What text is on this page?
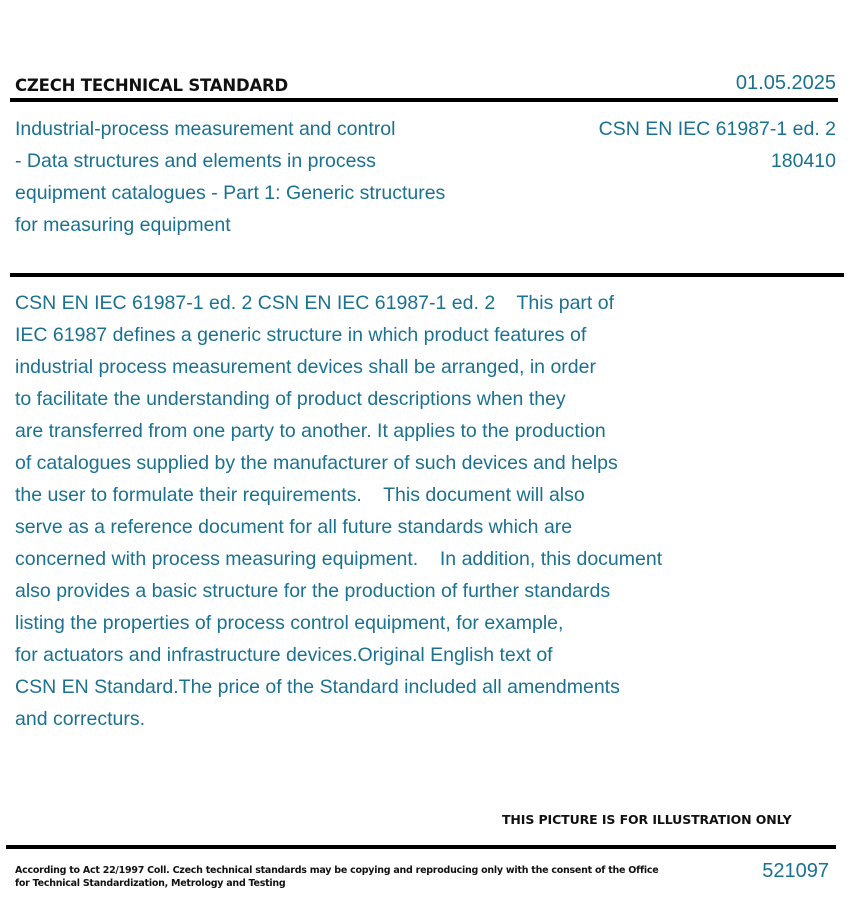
CZECH TECHNICAL STANDARD	01.05.2025
Industrial-process measurement and control
- Data structures and elements in process
equipment catalogues - Part 1: Generic structures
for measuring equipment
CSN EN IEC 61987-1 ed. 2
180410
CSN EN IEC 61987-1 ed. 2 CSN EN IEC 61987-1 ed. 2    This part of
IEC 61987 defines a generic structure in which product features of
industrial process measurement devices shall be arranged, in order
to facilitate the understanding of product descriptions when they
are transferred from one party to another. It applies to the production
of catalogues supplied by the manufacturer of such devices and helps
the user to formulate their requirements.    This document will also
serve as a reference document for all future standards which are
concerned with process measuring equipment.    In addition, this document
also provides a basic structure for the production of further standards
listing the properties of process control equipment, for example,
for actuators and infrastructure devices.Original English text of
CSN EN Standard.The price of the Standard included all amendments
and correcturs.
THIS PICTURE IS FOR ILLUSTRATION ONLY
According to Act 22/1997 Coll. Czech technical standards may be copying and reproducing only with the consent of the Office
for Technical Standardization, Metrology and Testing
521097
